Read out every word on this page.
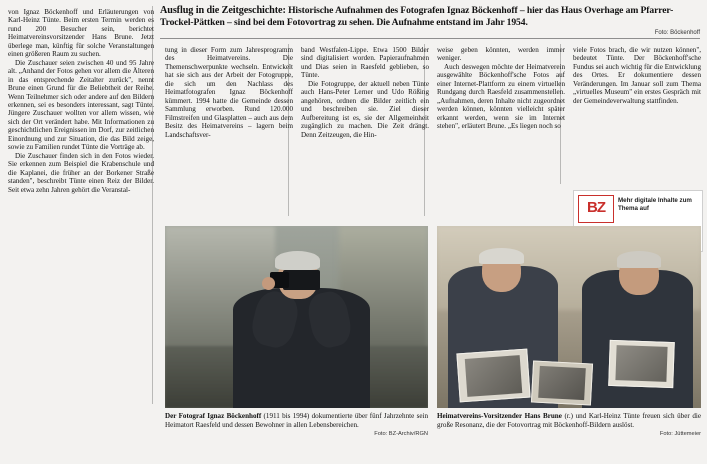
Ausflug in die Zeitgeschichte: Historische Aufnahmen des Fotografen Ignaz Böckenhoff – hier das Haus Overhage am Pfarrer-Trockel-Pättken – sind bei dem Fotovortrag zu sehen. Die Aufnahme entstand im Jahr 1954.
Foto: Böckenhoff

von Ignaz Böckenhoff und Erläuterungen von Karl-Heinz Tünte. Beim ersten Termin werden es rund 200 Besucher sein, berichtet Heimatvereinsvorsitzender Hans Brune. Jetzt überlege man, künftig für solche Veranstaltungen einen größeren Raum zu suchen.

Die Zuschauer seien zwischen 40 und 95 Jahre alt. „Anhand der Fotos gehen vor allem die Älteren in das entsprechende Zeitalter zurück", nennt Brune einen Grund für die Beliebtheit der Reihe. Wenn Teilnehmer sich oder andere auf den Bildern erkennen, sei es besonders interessant, sagt Tünte. Jüngere Zuschauer wollten vor allem wissen, wie sich der Ort verändert habe. Mit Informationen zu geschichtlichen Ereignissen im Dorf, zur zeitlichen Einordnung und zur Situation, die das Bild zeige, sowie zu Familien rundet Tünte die Vorträge ab.

Die Zuschauer finden sich in den Fotos wieder. Sie erkennen zum Beispiel die Krabenschule und die Kaplanei, die früher an der Borkener Straße standen", beschreibt Tünte einen Reiz der Bilder. Seit etwa zehn Jahren gehört die Veranstal-

tung in dieser Form zum Jahresprogramm des Heimatvereins. Die Themenschwerpunkte wechseln. Entwickelt hat sie sich aus der Arbeit der Fotogruppe, die sich um den Nachlass des Heimatfotografen Ignaz Böckenhoff kümmert. 1994 hatte die Gemeinde dessen Sammlung erworben. Rund 120.000 Filmstreifen und Glasplatten – auch aus dem Besitz des Heimatvereins – lagern beim Landschaftsver-

band Westfalen-Lippe. Etwa 1500 Bilder sind digitalisiert worden. Papieraufnahmen und Dias seien in Raesfeld geblieben, so Tünte.

Die Fotogruppe, der aktuell neben Tünte auch Hans-Peter Lerner und Udo Rößing angehören, ordnen die Bilder zeitlich ein und beschreiben sie. Ziel dieser Aufbereitung ist es, sie der Allgemeinheit zugänglich zu machen. Die Zeit drängt. Denn Zeitzeugen, die Hin-

weise geben könnten, werden immer weniger.

Auch deswegen möchte der Heimatverein ausgewählte Böckenhoff'sche Fotos auf einer Internet-Plattform zu einem virtuellen Rundgang durch Raesfeld zusammenstellen. „Aufnahmen, deren Inhalte nicht zugeordnet werden können, könnten vielleicht später erkannt werden, wenn sie im Internet stehen", erläutert Brune. „Es liegen noch so

viele Fotos brach, die wir nutzen können", bedeutet Tünte. Der Böckenhoff'sche Fundus sei auch wichtig für die Entwicklung des Ortes. Er dokumentiere dessen Veränderungen. Im Januar soll zum Thema „virtuelles Museum" ein erstes Gespräch mit der Gemeindeverwaltung stattfinden.

BZ	Mehr digitale Inhalte zum Thema auf
Der Fotograf Ignaz Böckenhoff (1911 bis 1994) dokumentierte über fünf Jahrzehnte sein Heimatort Raesfeld und dessen Bewohner in allen Lebensbereichen.
Foto: BZ-Archiv/RGN
Heimatvereins-Vorsitzender Hans Brune (r.) und Karl-Heinz Tünte freuen sich über die große Resonanz, die der Fotovortrag mit Böckenhoff-Bildern auslöst.
Foto: Jüttemeier
